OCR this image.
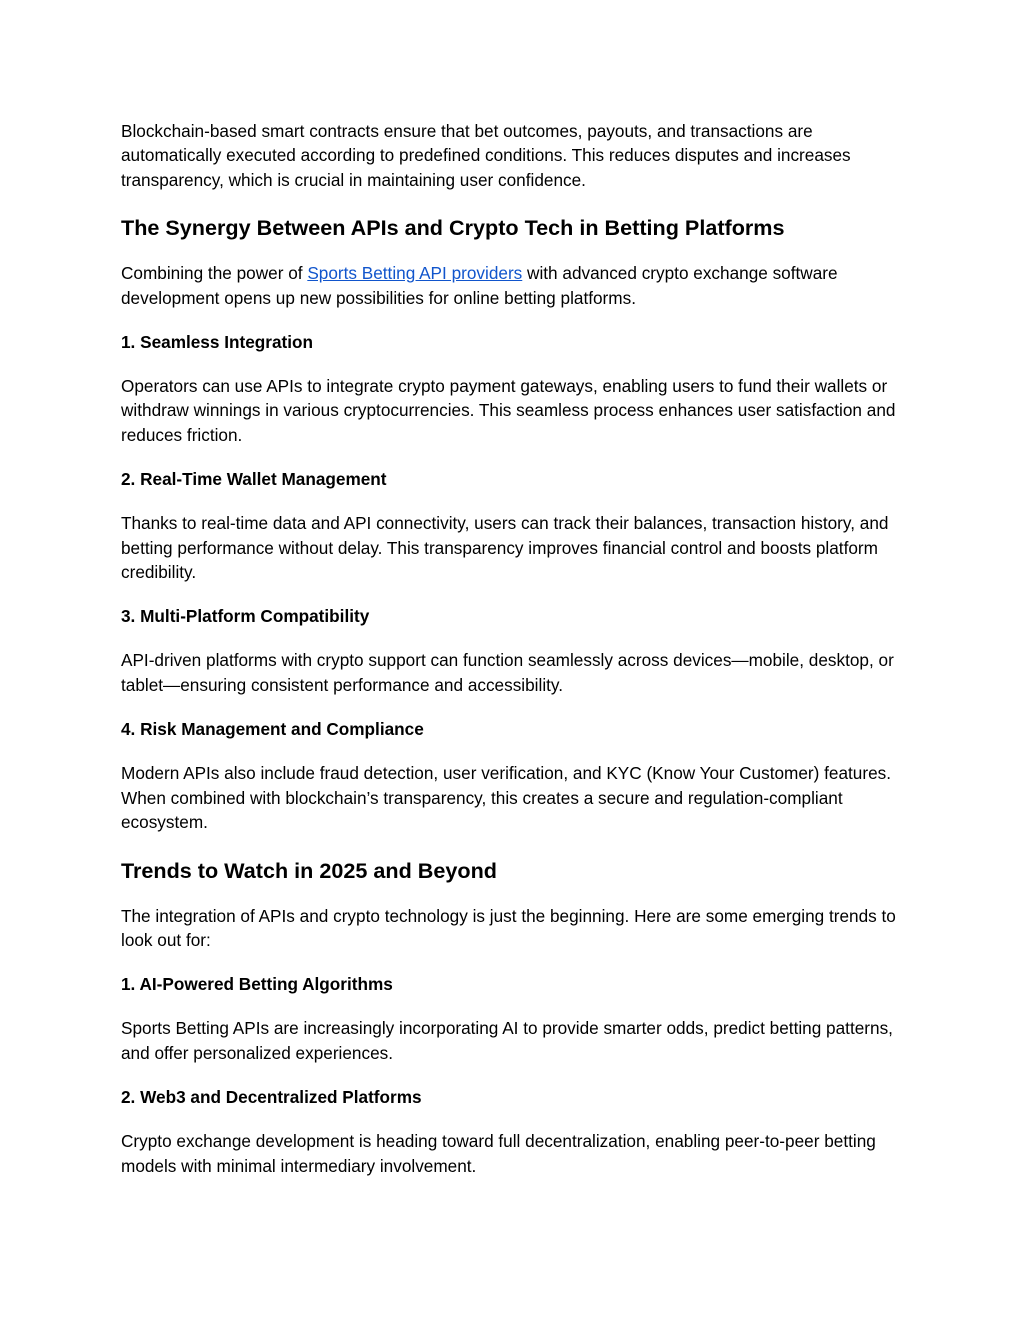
Blockchain-based smart contracts ensure that bet outcomes, payouts, and transactions are automatically executed according to predefined conditions. This reduces disputes and increases transparency, which is crucial in maintaining user confidence.

The Synergy Between APIs and Crypto Tech in Betting Platforms

Combining the power of Sports Betting API providers with advanced crypto exchange software development opens up new possibilities for online betting platforms.

1. Seamless Integration

Operators can use APIs to integrate crypto payment gateways, enabling users to fund their wallets or withdraw winnings in various cryptocurrencies. This seamless process enhances user satisfaction and reduces friction.

2. Real-Time Wallet Management

Thanks to real-time data and API connectivity, users can track their balances, transaction history, and betting performance without delay. This transparency improves financial control and boosts platform credibility.

3. Multi-Platform Compatibility

API-driven platforms with crypto support can function seamlessly across devices—mobile, desktop, or tablet—ensuring consistent performance and accessibility.

4. Risk Management and Compliance

Modern APIs also include fraud detection, user verification, and KYC (Know Your Customer) features. When combined with blockchain’s transparency, this creates a secure and regulation-compliant ecosystem.

Trends to Watch in 2025 and Beyond

The integration of APIs and crypto technology is just the beginning. Here are some emerging trends to look out for:

1. AI-Powered Betting Algorithms

Sports Betting APIs are increasingly incorporating AI to provide smarter odds, predict betting patterns, and offer personalized experiences.

2. Web3 and Decentralized Platforms

Crypto exchange development is heading toward full decentralization, enabling peer-to-peer betting models with minimal intermediary involvement.
